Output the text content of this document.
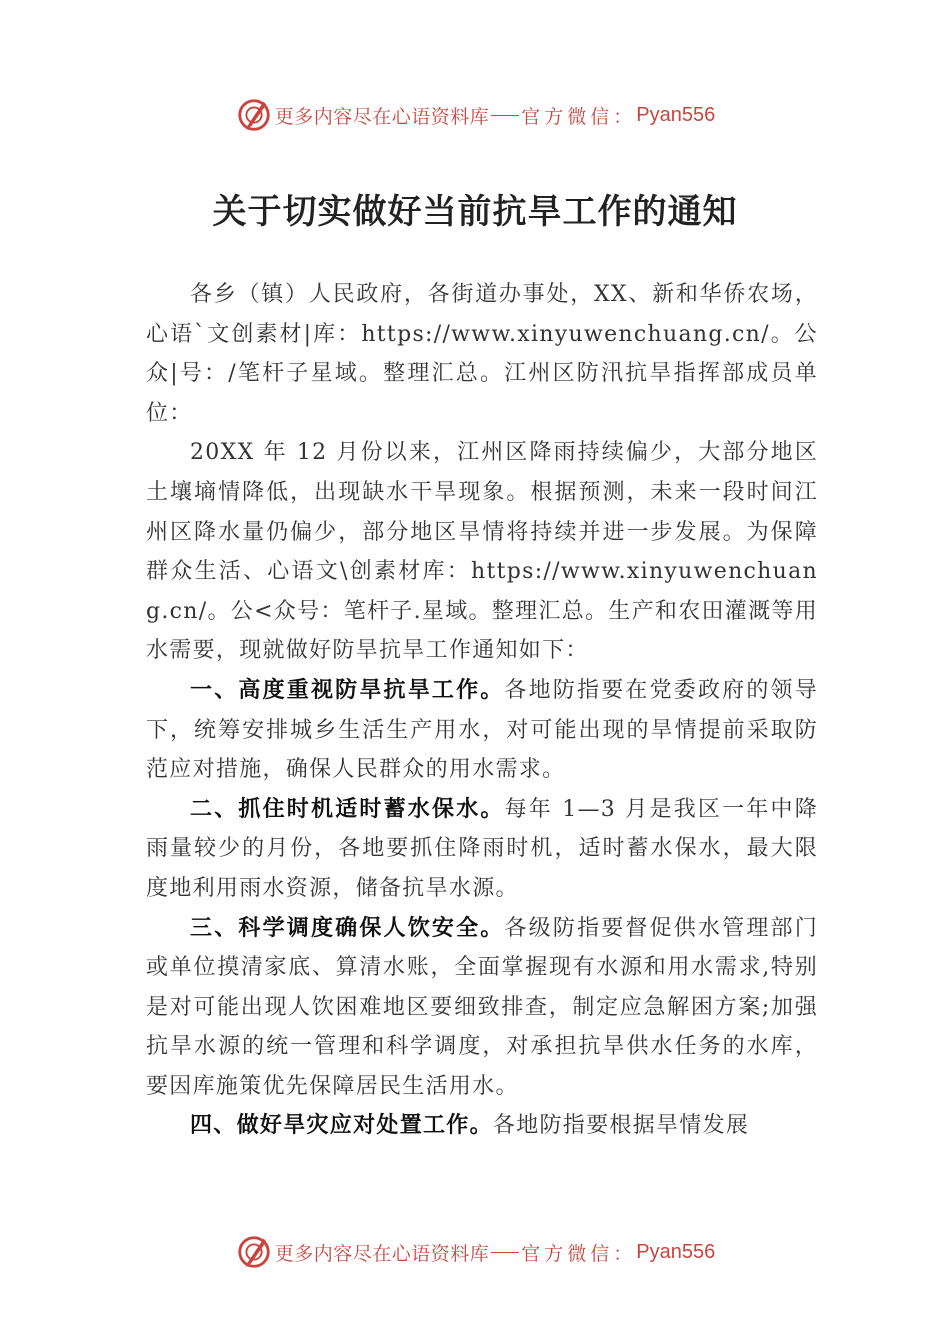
更多内容尽在心语资料库 官方微信： Pyan556
关于切实做好当前抗旱工作的通知

各乡（镇）人民政府，各街道办事处，XX、新和华侨农场，心语`文创素材|库：https://www.xinyuwenchuang.cn/。公众|号：/笔杆子星域。整理汇总。江州区防汛抗旱指挥部成员单位：

20XX 年 12 月份以来，江州区降雨持续偏少，大部分地区土壤墒情降低，出现缺水干旱现象。根据预测，未来一段时间江州区降水量仍偏少，部分地区旱情将持续并进一步发展。为保障群众生活、心语文\创素材库：https://www.xinyuwenchuang.cn/。公<众号：笔杆子.星域。整理汇总。生产和农田灌溉等用水需要，现就做好防旱抗旱工作通知如下：

一、高度重视防旱抗旱工作。各地防指要在党委政府的领导下，统筹安排城乡生活生产用水，对可能出现的旱情提前采取防范应对措施，确保人民群众的用水需求。

二、抓住时机适时蓄水保水。每年 1—3 月是我区一年中降雨量较少的月份，各地要抓住降雨时机，适时蓄水保水，最大限度地利用雨水资源，储备抗旱水源。

三、科学调度确保人饮安全。各级防指要督促供水管理部门或单位摸清家底、算清水账，全面掌握现有水源和用水需求,特别是对可能出现人饮困难地区要细致排查，制定应急解困方案;加强抗旱水源的统一管理和科学调度，对承担抗旱供水任务的水库，要因库施策优先保障居民生活用水。

四、做好旱灾应对处置工作。各地防指要根据旱情发展

更多内容尽在心语资料库 官方微信： Pyan556
